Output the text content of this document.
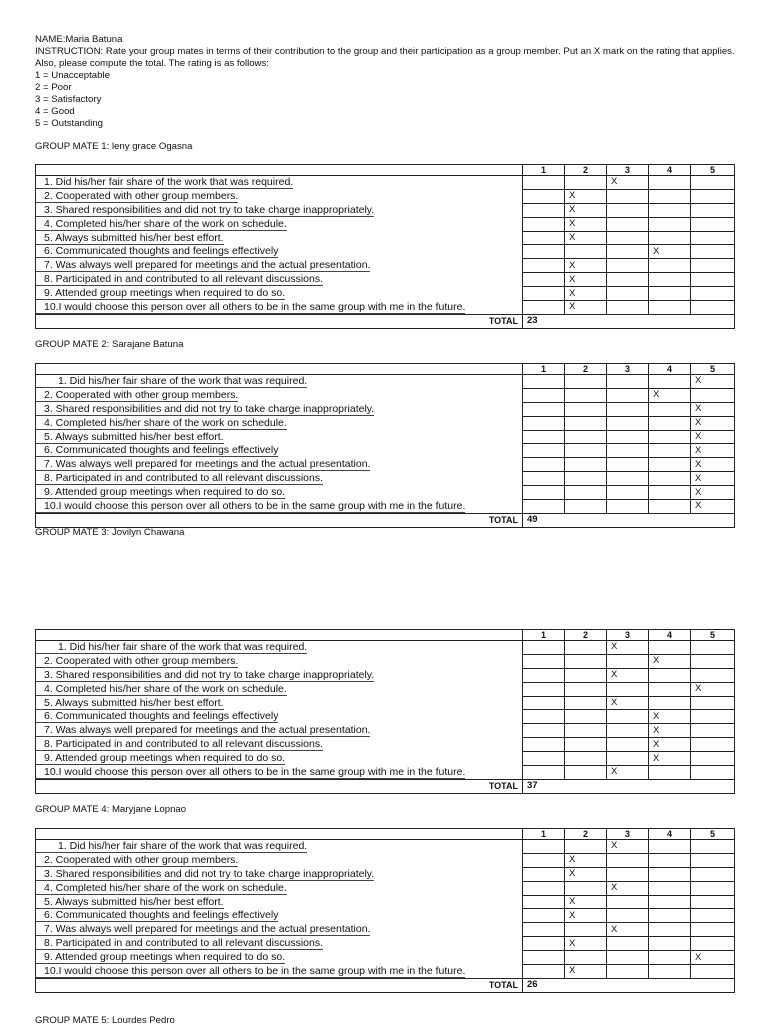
NAME:Maria Batuna
INSTRUCTION: Rate your group mates in terms of their contribution to the group and their participation as a group member. Put an X mark on the rating that applies. Also, please compute the total. The rating is as follows:
1 = Unacceptable
2 = Poor
3 = Satisfactory
4 = Good
5 = Outstanding
GROUP MATE 1: leny grace Ogasna
	1	2	3	4	5
1. Did his/her fair share of the work that was required.			X		
2. Cooperated with other group members.		X			
3. Shared responsibilities and did not try to take charge inappropriately.		X			
4. Completed his/her share of the work on schedule.		X			
5. Always submitted his/her best effort.		X			
6. Communicated thoughts and feelings effectively				X	
7. Was always well prepared for meetings and the actual presentation.		X			
8. Participated in and contributed to all relevant discussions.		X			
9. Attended group meetings when required to do so.		X			
10.I would choose this person over all others to be in the same group with me in the future.		X			
TOTAL	23				
GROUP MATE 2: Sarajane Batuna
	1	2	3	4	5
1. Did his/her fair share of the work that was required.					X
2. Cooperated with other group members.				X	
3. Shared responsibilities and did not try to take charge inappropriately.					X
4. Completed his/her share of the work on schedule.					X
5. Always submitted his/her best effort.					X
6. Communicated thoughts and feelings effectively					X
7. Was always well prepared for meetings and the actual presentation.					X
8. Participated in and contributed to all relevant discussions.					X
9. Attended group meetings when required to do so.					X
10.I would choose this person over all others to be in the same group with me in the future.					X
TOTAL	49				
GROUP MATE 3: Jovilyn Chawana
	1	2	3	4	5
1. Did his/her fair share of the work that was required.			X		
2. Cooperated with other group members.				X	
3. Shared responsibilities and did not try to take charge inappropriately.			X		
4. Completed his/her share of the work on schedule.					X
5. Always submitted his/her best effort.			X		
6. Communicated thoughts and feelings effectively				X	
7. Was always well prepared for meetings and the actual presentation.				X	
8. Participated in and contributed to all relevant discussions.				X	
9. Attended group meetings when required to do so.				X	
10.I would choose this person over all others to be in the same group with me in the future.			X		
TOTAL	37				
GROUP MATE 4: Maryjane Lopnao
	1	2	3	4	5
1. Did his/her fair share of the work that was required.			X		
2. Cooperated with other group members.		X			
3. Shared responsibilities and did not try to take charge inappropriately.		X			
4. Completed his/her share of the work on schedule.			X		
5. Always submitted his/her best effort.		X			
6. Communicated thoughts and feelings effectively		X			
7. Was always well prepared for meetings and the actual presentation.			X		
8. Participated in and contributed to all relevant discussions.		X			
9. Attended group meetings when required to do so.					X
10.I would choose this person over all others to be in the same group with me in the future.		X			
TOTAL	26				
GROUP MATE 5: Lourdes Pedro
